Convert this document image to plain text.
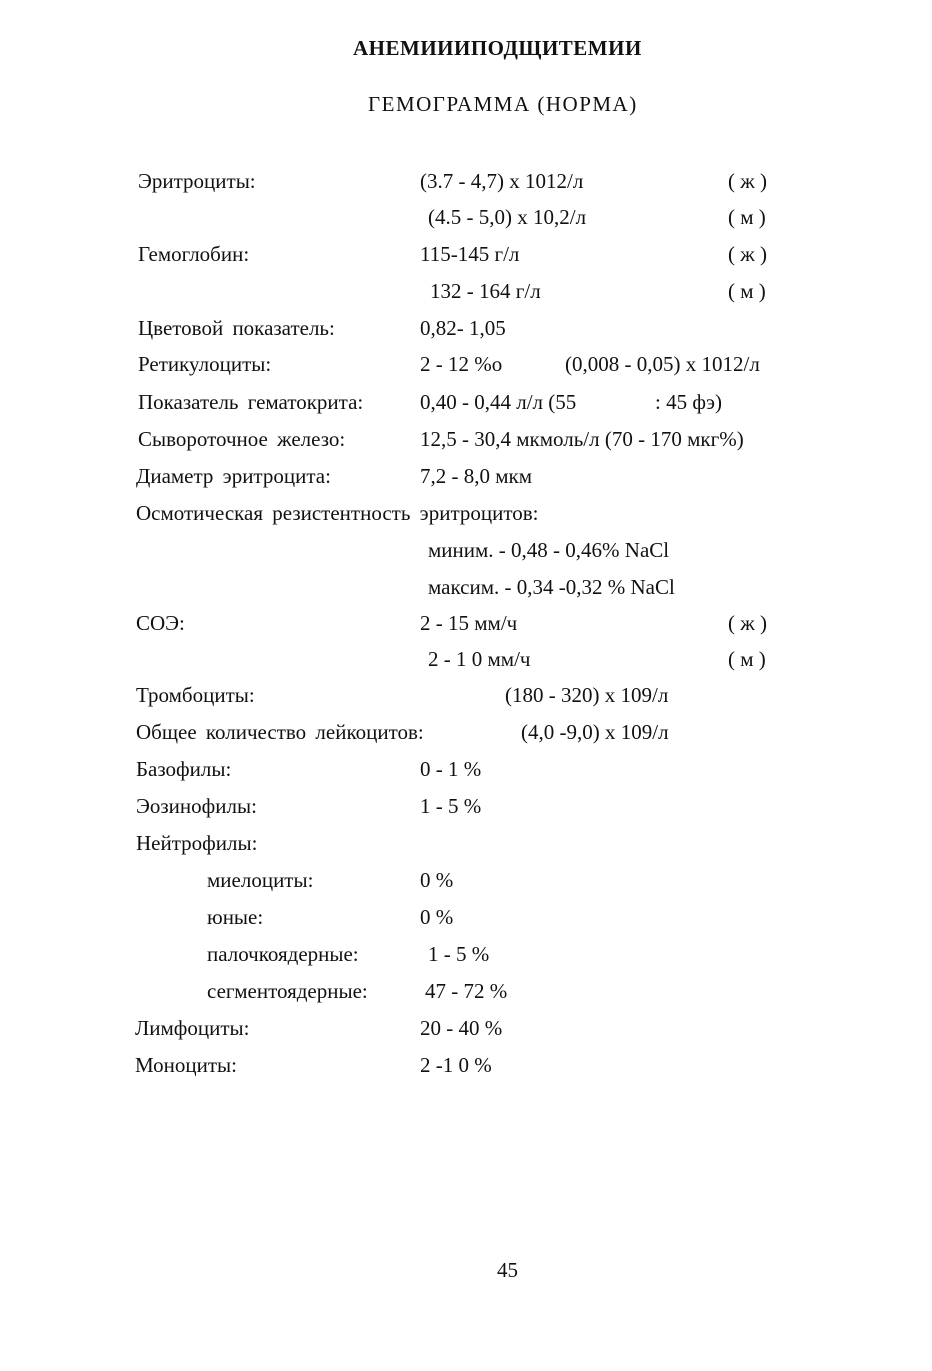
АНЕМИИИПОДЩИТЕМИИ
ГЕМОГРАММА (НОРМА)
Эритроциты:	(3.7 - 4,7) х 1012/л	( ж )
(4.5 - 5,0) х 10,2/л	( м )
Гемоглобин:	115-145 г/л	( ж )
132 - 164 г/л	( м )
Цветовой показатель:	0,82- 1,05
Ретикулоциты:	2 - 12 %о	(0,008 - 0,05) х 1012/л
Показатель гематокрита:	0,40 - 0,44 л/л (55	: 45 фэ)
Сывороточное железо:	12,5 - 30,4 мкмоль/л (70 - 170 мкг%)
Диаметр эритроцита:	7,2 - 8,0 мкм
Осмотическая резистентность эритроцитов:
миним. - 0,48 - 0,46% NaCl
максим. - 0,34 -0,32 % NaCl
СОЭ:	2 - 15 мм/ч	( ж )
2 - 1 0 мм/ч	( м )
Тромбоциты:	(180 - 320) х 109/л
Общее количество лейкоцитов:	(4,0 -9,0) х 109/л
Базофилы:	0 - 1 %
Эозинофилы:	1 - 5 %
Нейтрофилы:
миелоциты:	0 %
юные:	0 %
палочкоядерные:	1 - 5 %
сегментоядерные:	47 - 72 %
Лимфоциты:	20 - 40 %
Моноциты:	2 -1 0 %
45
